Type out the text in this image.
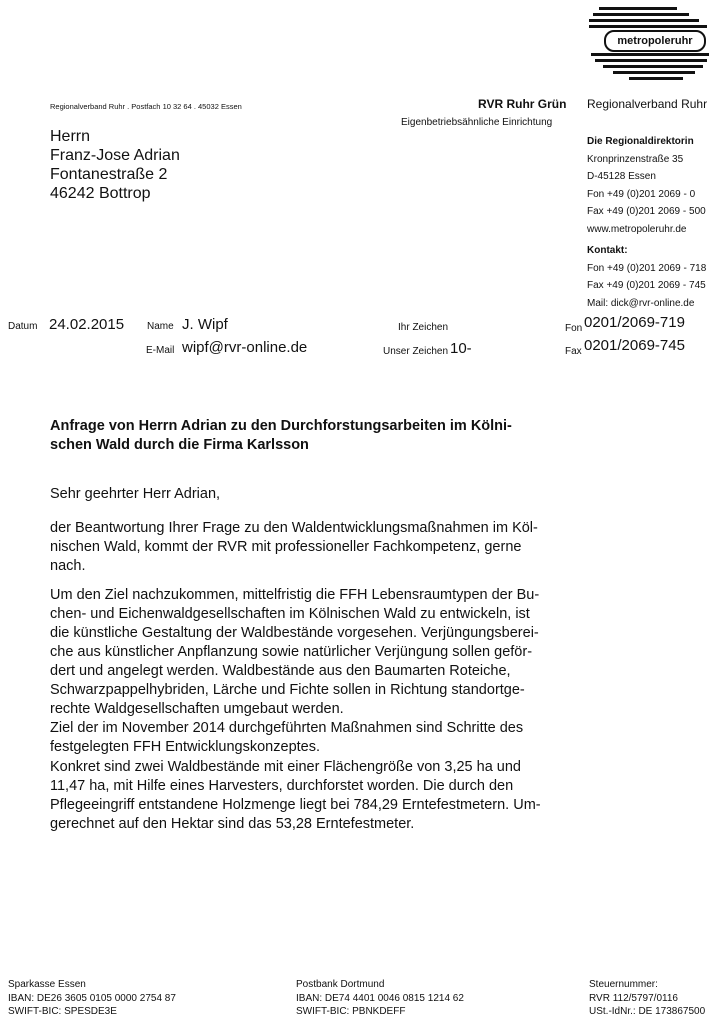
metropoleruhr
Regionalverband Ruhr . Postfach 10 32 64 . 45032 Essen	RVR Ruhr Grün
Eigenbetriebsähnliche Einrichtung
Regionalverband Ruhr
Herrn
Franz-Jose Adrian
Fontanestraße 2
46242 Bottrop
Die Regionaldirektorin
Kronprinzenstraße 35
D-45128 Essen
Fon +49 (0)201 2069 - 0
Fax +49 (0)201 2069 - 500
www.metropoleruhr.de
Kontakt:
Fon +49 (0)201 2069 - 718
Fax +49 (0)201 2069 - 745
Mail: dick@rvr-online.de
Datum 24.02.2015 Name J. Wipf
E-Mail wipf@rvr-online.de
Ihr Zeichen
Unser Zeichen 10-
Fon 0201/2069-719
Fax 0201/2069-745
Anfrage von Herrn Adrian zu den Durchforstungsarbeiten im Kölni-
schen Wald durch die Firma Karlsson
Sehr geehrter Herr Adrian,
der Beantwortung Ihrer Frage zu den Waldentwicklungsmaßnahmen im Köl-
nischen Wald, kommt der RVR mit professioneller Fachkompetenz, gerne
nach.
Um den Ziel nachzukommen, mittelfristig die FFH Lebensraumtypen der Bu-
chen- und Eichenwaldgesellschaften im Kölnischen Wald zu entwickeln, ist
die künstliche Gestaltung der Waldbestände vorgesehen. Verjüngungsberei-
che aus künstlicher Anpflanzung sowie natürlicher Verjüngung sollen geför-
dert und angelegt werden. Waldbestände aus den Baumarten Roteiche,
Schwarzpappelhybriden, Lärche und Fichte sollen in Richtung standortge-
rechte Waldgesellschaften umgebaut werden.
Ziel der im November 2014 durchgeführten Maßnahmen sind Schritte des
festgelegten FFH Entwicklungskonzeptes.
Konkret sind zwei Waldbestände mit einer Flächengröße von 3,25 ha und
11,47 ha, mit Hilfe eines Harvesters, durchforstet worden. Die durch den
Pflegeeingriff entstandene Holzmenge liegt bei 784,29 Erntefestmetern. Um-
gerechnet auf den Hektar sind das 53,28 Erntefestmeter.
Sparkasse Essen
IBAN: DE26 3605 0105 0000 2754 87
SWIFT-BIC: SPESDE3E
Postbank Dortmund
IBAN: DE74 4401 0046 0815 1214 62
SWIFT-BIC: PBNKDEFF
Steuernummer:
RVR 112/5797/0116
USt.-IdNr.: DE 173867500
